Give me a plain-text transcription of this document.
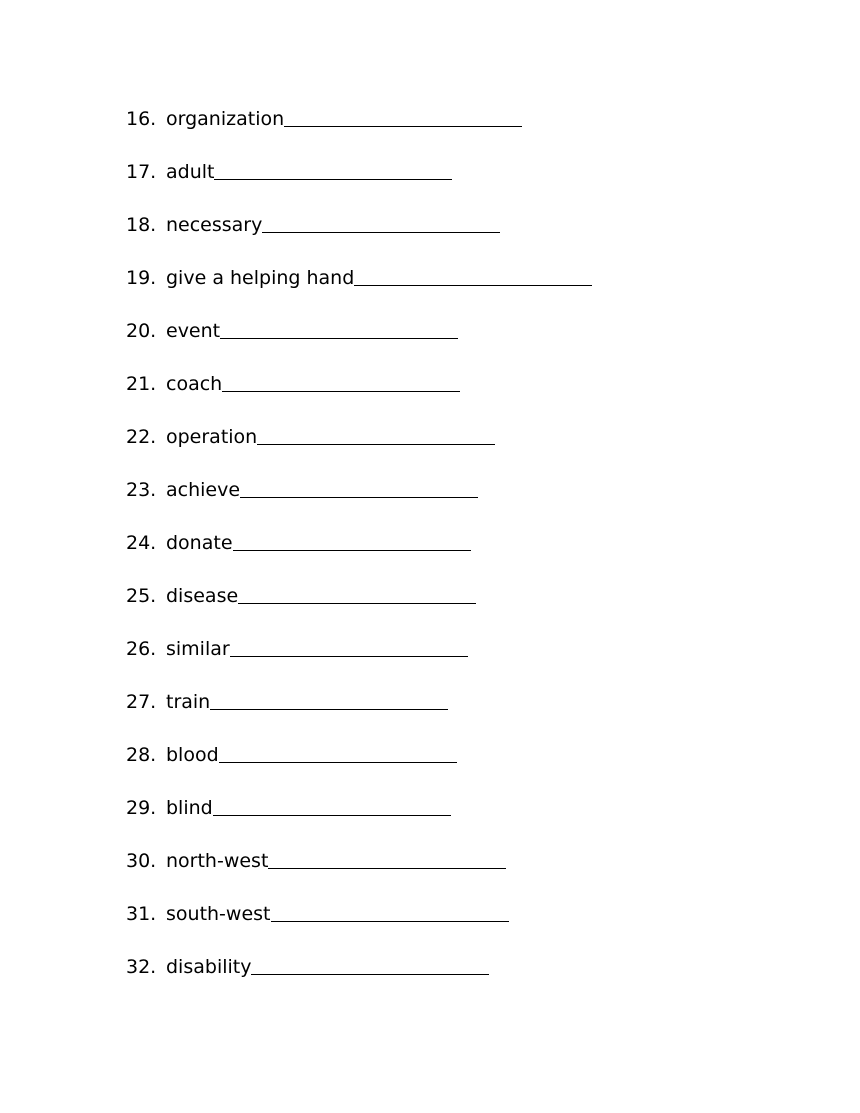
16. organization
17. adult
18. necessary
19. give a helping hand
20. event
21. coach
22. operation
23. achieve
24. donate
25. disease
26. similar
27. train
28. blood
29. blind
30. north-west
31. south-west
32. disability
